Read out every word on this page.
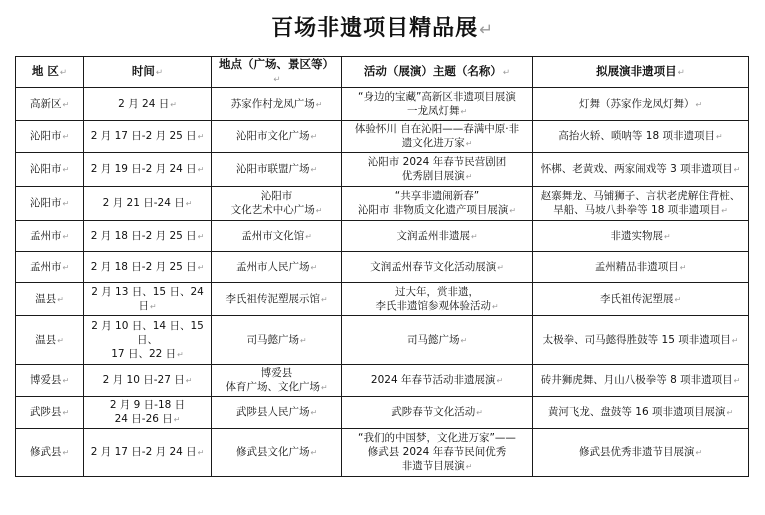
百场非遗项目精品展↵
地 区↵	时间↵	地点（广场、景区等）↵	活动（展演）主题（名称）↵	拟展演非遗项目↵
高新区↵	2 月 24 日↵	苏家作村龙凤广场↵	“身边的宝藏”高新区非遗项目展演
一龙凤灯舞↵	灯舞（苏家作龙凤灯舞）↵
沁阳市↵	2 月 17 日-2 月 25 日↵	沁阳市文化广场↵	体验怀川 自在沁阳——春满中原·非
遗文化进万家↵	高抬火轿、唢呐等 18 项非遗项目↵
沁阳市↵	2 月 19 日-2 月 24 日↵	沁阳市联盟广场↵	沁阳市 2024 年春节民营剧团
优秀剧目展演↵	怀梆、老黄戏、两家闹戏等 3 项非遗项目↵
沁阳市↵	2 月 21 日-24 日↵	沁阳市
文化艺术中心广场↵	“共享非遗闹新春”
沁阳市 非物质文化遗产项目展演↵	赵寨舞龙、马铺狮子、言状老虎解住背桩、
旱船、马坡八卦拳等 18 项非遗项目↵
孟州市↵	2 月 18 日-2 月 25 日↵	孟州市文化馆↵	文润孟州非遗展↵	非遗实物展↵
孟州市↵	2 月 18 日-2 月 25 日↵	孟州市人民广场↵	文润孟州春节文化活动展演↵	孟州精品非遗项目↵
温县↵	2 月 13 日、15 日、24
日↵	李氏祖传泥塑展示馆↵	过大年，赏非遗，
李氏非遗馆参观体验活动↵	李氏祖传泥塑展↵
温县↵	2 月 10 日、14 日、15
日、
17 日、22 日↵	司马懿广场↵	司马懿广场↵	太极拳、司马懿得胜鼓等 15 项非遗项目↵
博爱县↵	2 月 10 日-27 日↵	博爱县
体育广场、文化广场↵	2024 年春节活动非遗展演↵	砖井狮虎舞、月山八极拳等 8 项非遗项目↵
武陟县↵	2 月 9 日-18 日
24 日-26 日↵	武陟县人民广场↵	武陟春节文化活动↵	黄河飞龙、盘鼓等 16 项非遗项目展演↵
修武县↵	2 月 17 日-2 月 24 日↵	修武县文化广场↵	“我们的中国梦，文化进万家”——
修武县 2024 年春节民间优秀
非遗节目展演↵	修武县优秀非遗节目展演↵
